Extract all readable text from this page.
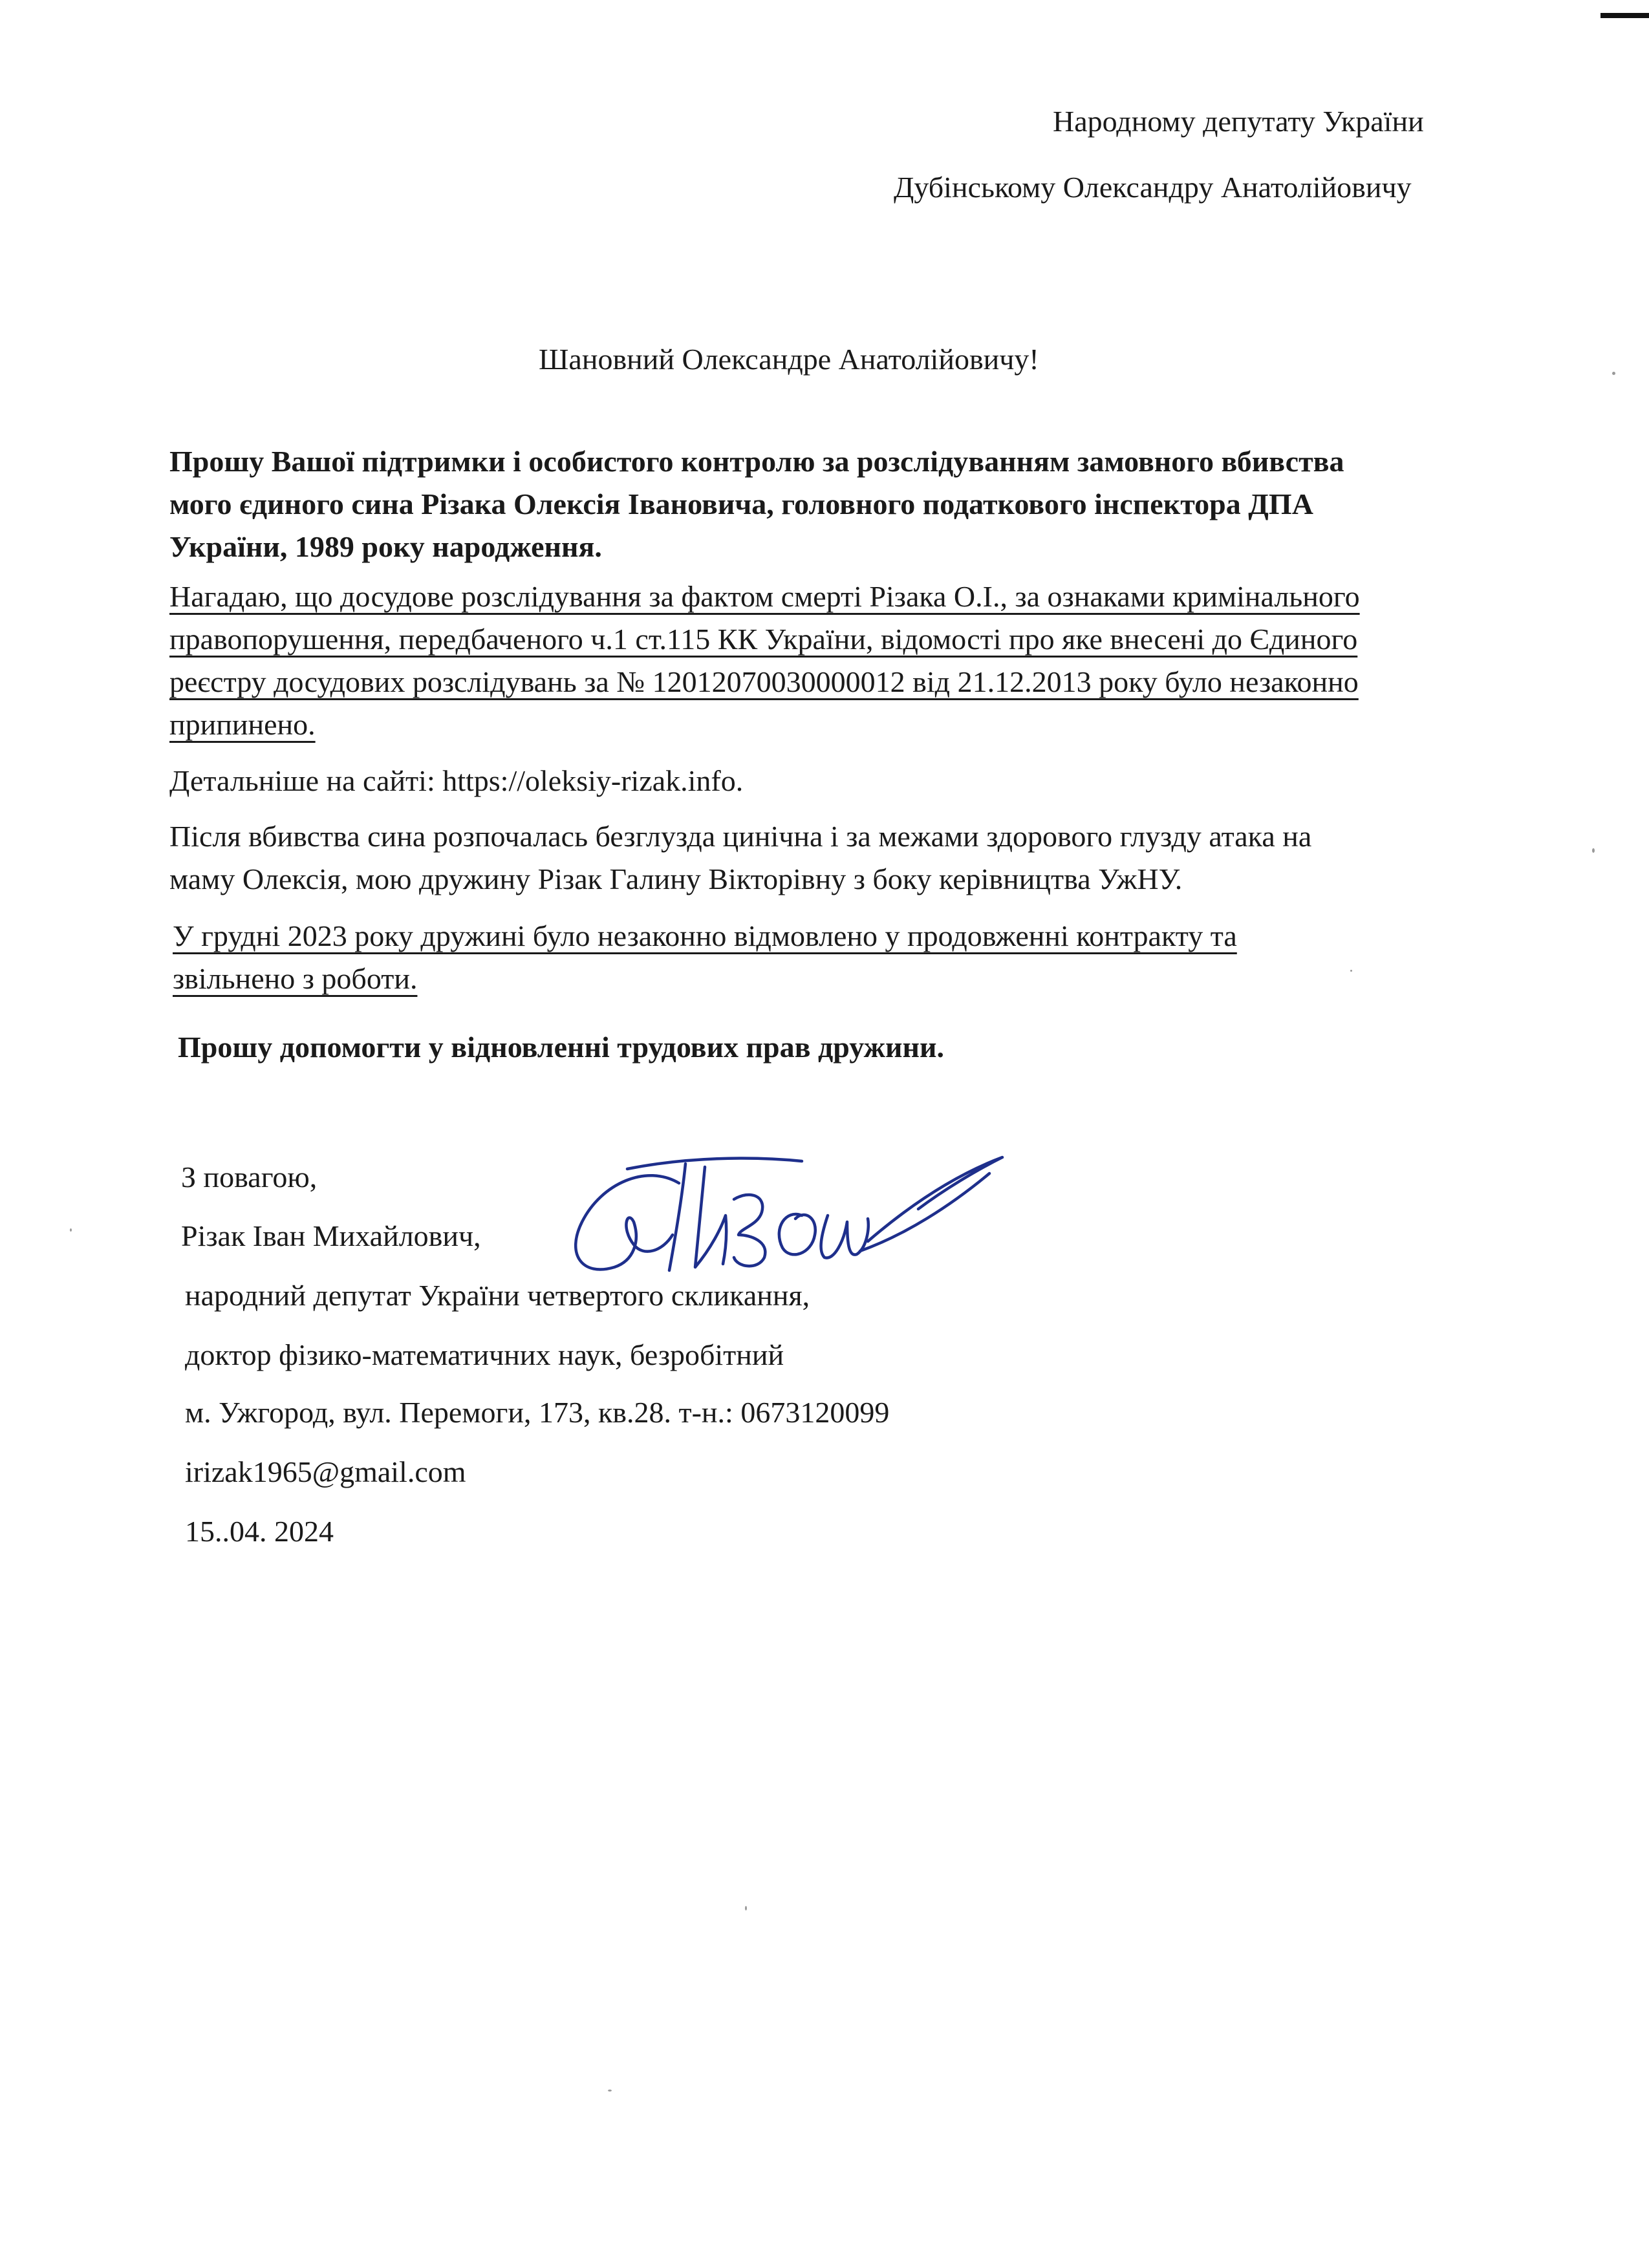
Народному депутату України
Дубінському Олександру Анатолійовичу
Шановний Олександре Анатолійовичу!
Прошу Вашої підтримки і особистого контролю за розслідуванням замовного вбивства
мого єдиного сина Різака Олексія Івановича, головного податкового інспектора ДПА
України, 1989 року народження.
Нагадаю, що досудове розслідування за фактом смерті Різака О.І., за ознаками кримінального
правопорушення, передбаченого ч.1 ст.115 КК України, відомості про яке внесені до Єдиного
реєстру досудових розслідувань за № 12012070030000012 від 21.12.2013 року було незаконно
припинено.
Детальніше на сайті: https://oleksiy-rizak.info.
Після вбивства сина розпочалась безглузда цинічна і за межами здорового глузду атака на
маму Олексія, мою дружину Різак Галину Вікторівну з боку керівництва УжНУ.
У грудні 2023 року дружині було незаконно відмовлено у продовженні контракту та
звільнено з роботи.
Прошу допомогти у відновленні трудових прав дружини.
З повагою,
Різак Іван Михайлович,
народний депутат України четвертого скликання,
доктор фізико-математичних наук, безробітний
м. Ужгород, вул. Перемоги, 173, кв.28. т-н.: 0673120099
irizak1965@gmail.com
15..04. 2024
